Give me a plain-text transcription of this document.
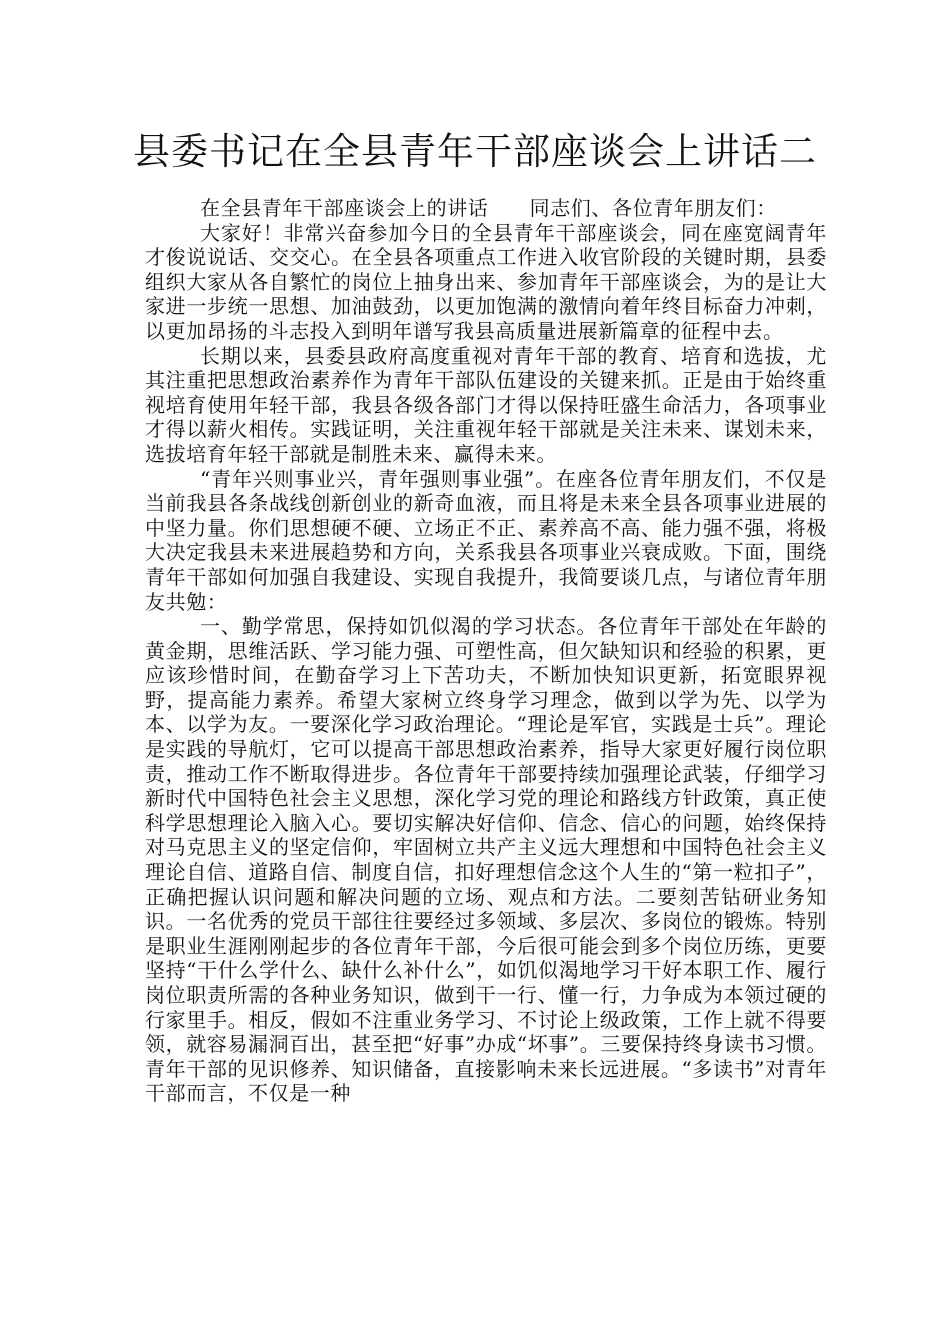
县委书记在全县青年干部座谈会上讲话二

在全县青年干部座谈会上的讲话　　同志们、各位青年朋友们：

大家好！非常兴奋参加今日的全县青年干部座谈会，同在座宽阔青年才俊说说话、交交心。在全县各项重点工作进入收官阶段的关键时期，县委组织大家从各自繁忙的岗位上抽身出来、参加青年干部座谈会，为的是让大家进一步统一思想、加油鼓劲，以更加饱满的激情向着年终目标奋力冲刺，以更加昂扬的斗志投入到明年谱写我县高质量进展新篇章的征程中去。

长期以来，县委县政府高度重视对青年干部的教育、培育和选拔，尤其注重把思想政治素养作为青年干部队伍建设的关键来抓。正是由于始终重视培育使用年轻干部，我县各级各部门才得以保持旺盛生命活力，各项事业才得以薪火相传。实践证明，关注重视年轻干部就是关注未来、谋划未来，选拔培育年轻干部就是制胜未来、赢得未来。

“青年兴则事业兴，青年强则事业强”。在座各位青年朋友们，不仅是当前我县各条战线创新创业的新奇血液，而且将是未来全县各项事业进展的中坚力量。你们思想硬不硬、立场正不正、素养高不高、能力强不强，将极大决定我县未来进展趋势和方向，关系我县各项事业兴衰成败。下面，围绕青年干部如何加强自我建设、实现自我提升，我简要谈几点，与诸位青年朋友共勉：

一、勤学常思，保持如饥似渴的学习状态。各位青年干部处在年龄的黄金期，思维活跃、学习能力强、可塑性高，但欠缺知识和经验的积累，更应该珍惜时间，在勤奋学习上下苦功夫，不断加快知识更新，拓宽眼界视野，提高能力素养。希望大家树立终身学习理念，做到以学为先、以学为本、以学为友。一要深化学习政治理论。“理论是军官，实践是士兵”。理论是实践的导航灯，它可以提高干部思想政治素养，指导大家更好履行岗位职责，推动工作不断取得进步。各位青年干部要持续加强理论武装，仔细学习新时代中国特色社会主义思想，深化学习党的理论和路线方针政策，真正使科学思想理论入脑入心。要切实解决好信仰、信念、信心的问题，始终保持对马克思主义的坚定信仰，牢固树立共产主义远大理想和中国特色社会主义理论自信、道路自信、制度自信，扣好理想信念这个人生的“第一粒扣子”，正确把握认识问题和解决问题的立场、观点和方法。二要刻苦钻研业务知识。一名优秀的党员干部往往要经过多领域、多层次、多岗位的锻炼。特别是职业生涯刚刚起步的各位青年干部，今后很可能会到多个岗位历练，更要坚持“干什么学什么、缺什么补什么”，如饥似渴地学习干好本职工作、履行岗位职责所需的各种业务知识，做到干一行、懂一行，力争成为本领过硬的行家里手。相反，假如不注重业务学习、不讨论上级政策，工作上就不得要领，就容易漏洞百出，甚至把“好事”办成“坏事”。三要保持终身读书习惯。青年干部的见识修养、知识储备，直接影响未来长远进展。“多读书”对青年干部而言，不仅是一种
